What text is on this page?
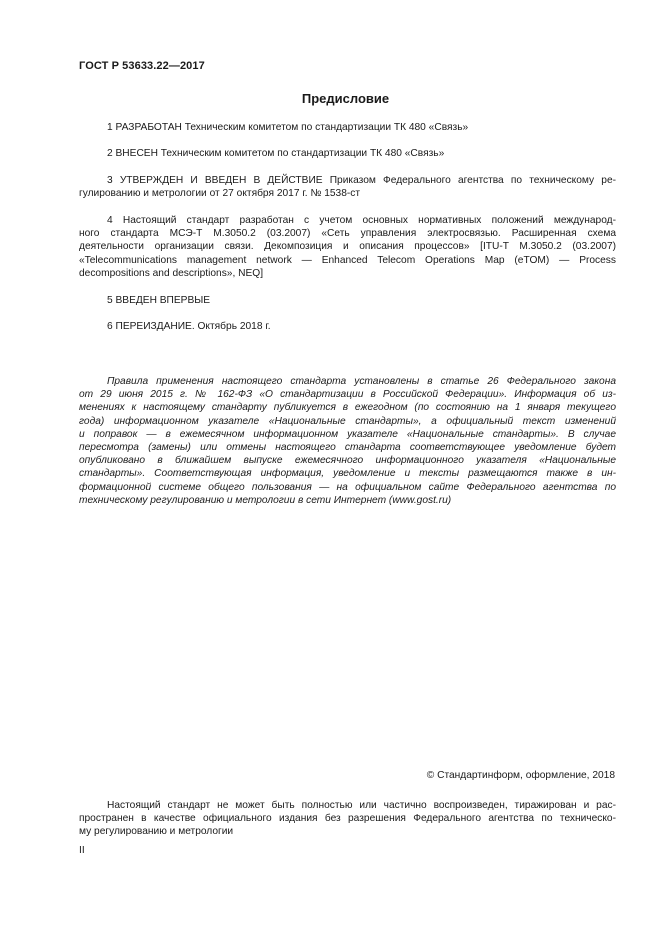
ГОСТ Р 53633.22—2017
Предисловие
1 РАЗРАБОТАН Техническим комитетом по стандартизации ТК 480 «Связь»
2 ВНЕСЕН Техническим комитетом по стандартизации ТК 480 «Связь»
3 УТВЕРЖДЕН И ВВЕДЕН В ДЕЙСТВИЕ Приказом Федерального агентства по техническому ре-
гулированию и метрологии от 27 октября 2017 г. № 1538-ст
4 Настоящий стандарт разработан с учетом основных нормативных положений международ-
ного стандарта МСЭ-Т М.3050.2 (03.2007) «Сеть управления электросвязью. Расширенная схема
деятельности организации связи. Декомпозиция и описания процессов» [ITU-T M.3050.2 (03.2007)
«Telecommunications management network — Enhanced Telecom Operations Map (eTOM) — Process
decompositions and descriptions», NEQ]
5 ВВЕДЕН ВПЕРВЫЕ
6 ПЕРЕИЗДАНИЕ. Октябрь 2018 г.
Правила применения настоящего стандарта установлены в статье 26 Федерального закона
от 29 июня 2015 г. № 162-ФЗ «О стандартизации в Российской Федерации». Информация об из-
менениях к настоящему стандарту публикуется в ежегодном (по состоянию на 1 января текущего
года) информационном указателе «Национальные стандарты», а официальный текст изменений
и поправок — в ежемесячном информационном указателе «Национальные стандарты». В случае
пересмотра (замены) или отмены настоящего стандарта соответствующее уведомление будет
опубликовано в ближайшем выпуске ежемесячного информационного указателя «Национальные
стандарты». Соответствующая информация, уведомление и тексты размещаются также в ин-
формационной системе общего пользования — на официальном сайте Федерального агентства по
техническому регулированию и метрологии в сети Интернет (www.gost.ru)
© Стандартинформ, оформление, 2018
Настоящий стандарт не может быть полностью или частично воспроизведен, тиражирован и рас-
пространен в качестве официального издания без разрешения Федерального агентства по техническо-
му регулированию и метрологии
II
